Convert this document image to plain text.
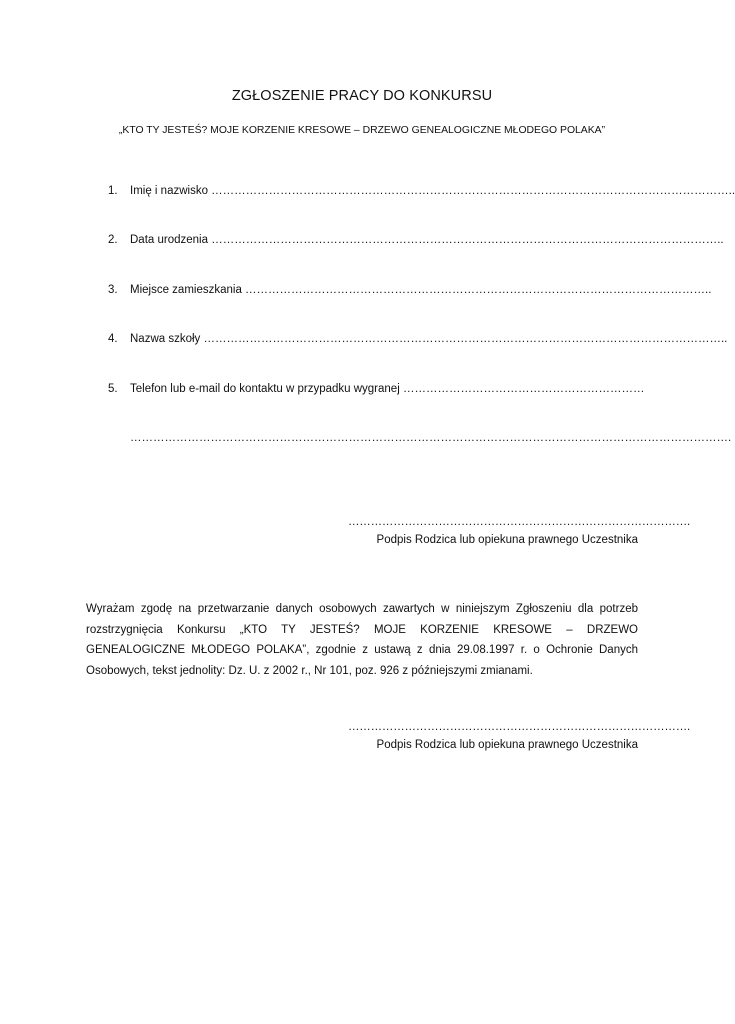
ZGŁOSZENIE PRACY DO KONKURSU
„KTO TY JESTEŚ? MOJE KORZENIE KRESOWE – DRZEWO GENEALOGICZNE MŁODEGO POLAKA”
1. Imię i nazwisko ………………………………………………………………………………………………………………………..
2. Data urodzenia ……………………………………………………………………………………………………………………..
3. Miejsce zamieszkania …………………………………………………………………………………………………………..
4. Nazwa szkoły ………………………………………………………………………………………………………………………..
5. Telefon lub e-mail do kontaktu w przypadku wygranej ………………………………………………………
………………………………………………………………………………………………………………………………………….
……………………………………………………………………………….
Podpis Rodzica lub opiekuna prawnego Uczestnika
Wyrażam zgodę na przetwarzanie danych osobowych zawartych w niniejszym Zgłoszeniu dla potrzeb rozstrzygnięcia Konkursu „KTO TY JESTEŚ? MOJE KORZENIE KRESOWE – DRZEWO GENEALOGICZNE MŁODEGO POLAKA”, zgodnie z ustawą z dnia 29.08.1997 r. o Ochronie Danych Osobowych, tekst jednolity: Dz. U. z 2002 r., Nr 101, poz. 926 z późniejszymi zmianami.
……………………………………………………………………………….
Podpis Rodzica lub opiekuna prawnego Uczestnika
